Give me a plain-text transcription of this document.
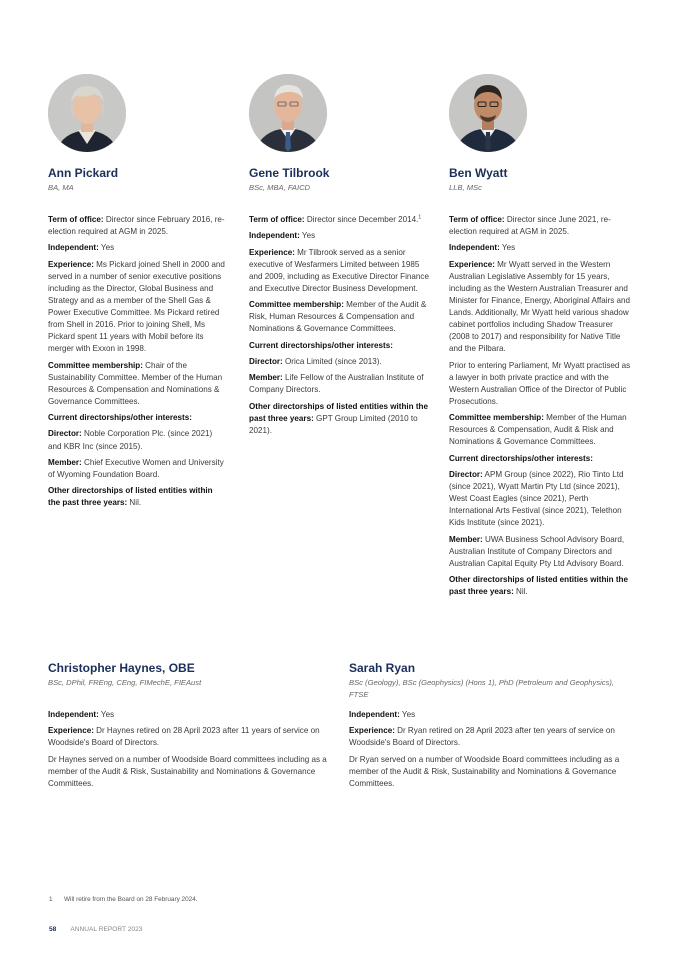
Ann Pickard
BA, MA

Term of office: Director since February 2016, re-election required at AGM in 2025.

Independent: Yes

Experience: Ms Pickard joined Shell in 2000 and served in a number of senior executive positions including as the Director, Global Business and Strategy and as a member of the Shell Gas & Power Executive Committee. Ms Pickard retired from Shell in 2016. Prior to joining Shell, Ms Pickard spent 11 years with Mobil before its merger with Exxon in 1998.

Committee membership: Chair of the Sustainability Committee. Member of the Human Resources & Compensation and Nominations & Governance Committees.

Current directorships/other interests:

Director: Noble Corporation Plc. (since 2021) and KBR Inc (since 2015).

Member: Chief Executive Women and University of Wyoming Foundation Board.

Other directorships of listed entities within the past three years: Nil.

Gene Tilbrook
BSc, MBA, FAICD

Term of office: Director since December 2014.$^1$

Independent: Yes

Experience: Mr Tilbrook served as a senior executive of Wesfarmers Limited between 1985 and 2009, including as Executive Director Finance and Executive Director Business Development.

Committee membership: Member of the Audit & Risk, Human Resources & Compensation and Nominations & Governance Committees.

Current directorships/other interests:

Director: Orica Limited (since 2013).

Member: Life Fellow of the Australian Institute of Company Directors.

Other directorships of listed entities within the past three years: GPT Group Limited (2010 to 2021).

Ben Wyatt
LLB, MSc

Term of office: Director since June 2021, re-election required at AGM in 2025.

Independent: Yes

Experience: Mr Wyatt served in the Western Australian Legislative Assembly for 15 years, including as the Western Australian Treasurer and Minister for Finance, Energy, Aboriginal Affairs and Lands. Additionally, Mr Wyatt held various shadow cabinet portfolios including Shadow Treasurer (2008 to 2017) and responsibility for Native Title and the Pilbara.

Prior to entering Parliament, Mr Wyatt practised as a lawyer in both private practice and with the Western Australian Office of the Director of Public Prosecutions.

Committee membership: Member of the Human Resources & Compensation, Audit & Risk and Nominations & Governance Committees.

Current directorships/other interests:

Director: APM Group (since 2022), Rio Tinto Ltd (since 2021), Wyatt Martin Pty Ltd (since 2021), West Coast Eagles (since 2021), Perth International Arts Festival (since 2021), Telethon Kids Institute (since 2021).

Member: UWA Business School Advisory Board, Australian Institute of Company Directors and Australian Capital Equity Pty Ltd Advisory Board.

Other directorships of listed entities within the past three years: Nil.

Christopher Haynes, OBE
BSc, DPhil, FREng, CEng, FIMechE, FIEAust

Independent: Yes

Experience: Dr Haynes retired on 28 April 2023 after 11 years of service on Woodside's Board of Directors.

Dr Haynes served on a number of Woodside Board committees including as a member of the Audit & Risk, Sustainability and Nominations & Governance Committees.

Sarah Ryan
BSc (Geology), BSc (Geophysics) (Hons 1), PhD (Petroleum and Geophysics), FTSE

Independent: Yes

Experience: Dr Ryan retired on 28 April 2023 after ten years of service on Woodside's Board of Directors.

Dr Ryan served on a number of Woodside Board committees including as a member of the Audit & Risk, Sustainability and Nominations & Governance Committees.

1 Will retire from the Board on 28 February 2024.
58 ANNUAL REPORT 2023
